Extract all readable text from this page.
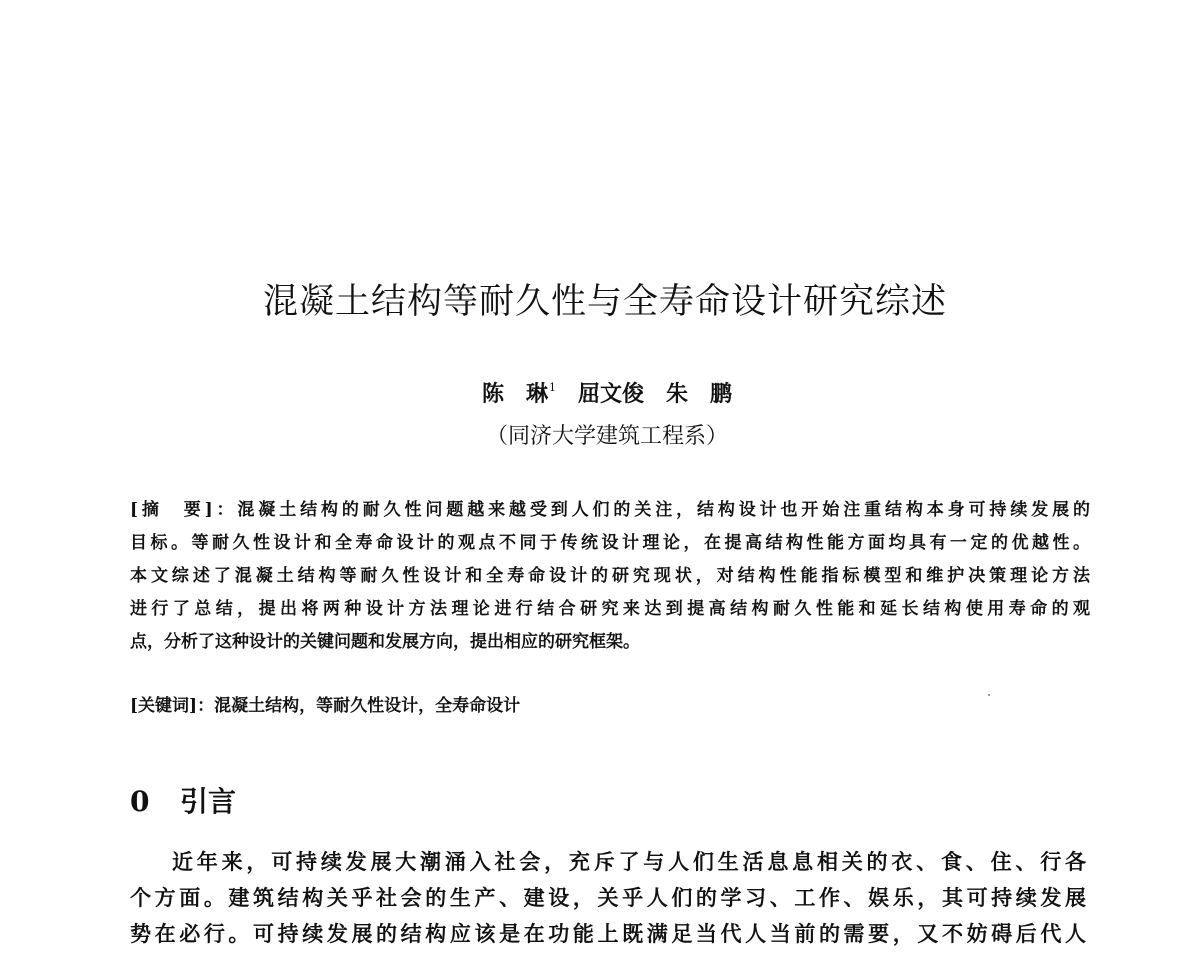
混凝土结构等耐久性与全寿命设计研究综述
陈　琳$^1$ 屈文俊 朱　鹏
（同济大学建筑工程系）
[摘　要]：混凝土结构的耐久性问题越来越受到人们的关注，结构设计也开始注重结构本身可持续发展的
目标。等耐久性设计和全寿命设计的观点不同于传统设计理论，在提高结构性能方面均具有一定的优越性。
本文综述了混凝土结构等耐久性设计和全寿命设计的研究现状，对结构性能指标模型和维护决策理论方法
进行了总结，提出将两种设计方法理论进行结合研究来达到提高结构耐久性能和延长结构使用寿命的观
点，分析了这种设计的关键问题和发展方向，提出相应的研究框架。
[关键词]：混凝土结构，等耐久性设计，全寿命设计
0 引言
近年来，可持续发展大潮涌入社会，充斥了与人们生活息息相关的衣、食、住、行各
个方面。建筑结构关乎社会的生产、建设，关乎人们的学习、工作、娱乐，其可持续发展
势在必行。可持续发展的结构应该是在功能上既满足当代人当前的需要，又不妨碍后代人
